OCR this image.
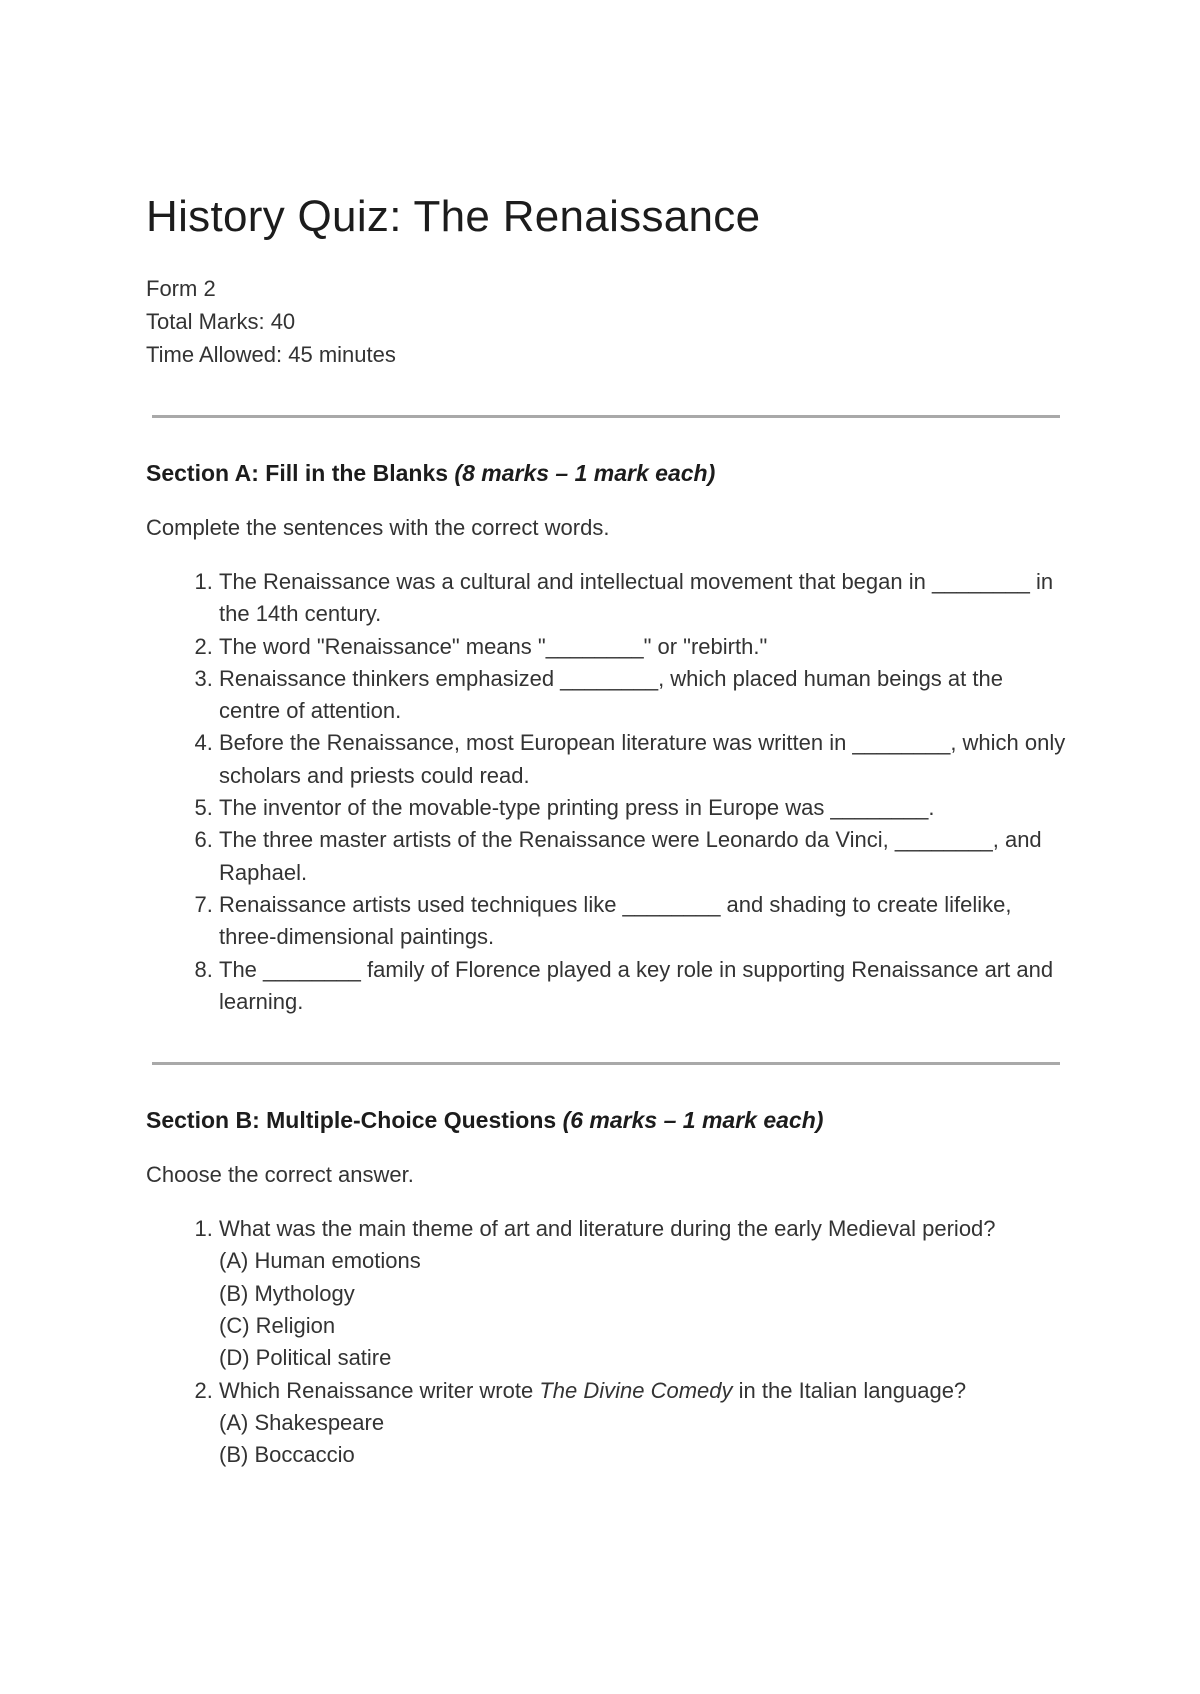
History Quiz: The Renaissance
Form 2
Total Marks: 40
Time Allowed: 45 minutes
Section A: Fill in the Blanks (8 marks – 1 mark each)
Complete the sentences with the correct words.
1. The Renaissance was a cultural and intellectual movement that began in ________ in the 14th century.
2. The word "Renaissance" means "________" or "rebirth."
3. Renaissance thinkers emphasized ________, which placed human beings at the centre of attention.
4. Before the Renaissance, most European literature was written in ________, which only scholars and priests could read.
5. The inventor of the movable-type printing press in Europe was ________.
6. The three master artists of the Renaissance were Leonardo da Vinci, ________, and Raphael.
7. Renaissance artists used techniques like ________ and shading to create lifelike, three-dimensional paintings.
8. The ________ family of Florence played a key role in supporting Renaissance art and learning.
Section B: Multiple-Choice Questions (6 marks – 1 mark each)
Choose the correct answer.
1. What was the main theme of art and literature during the early Medieval period?
(A) Human emotions
(B) Mythology
(C) Religion
(D) Political satire
2. Which Renaissance writer wrote The Divine Comedy in the Italian language?
(A) Shakespeare
(B) Boccaccio
